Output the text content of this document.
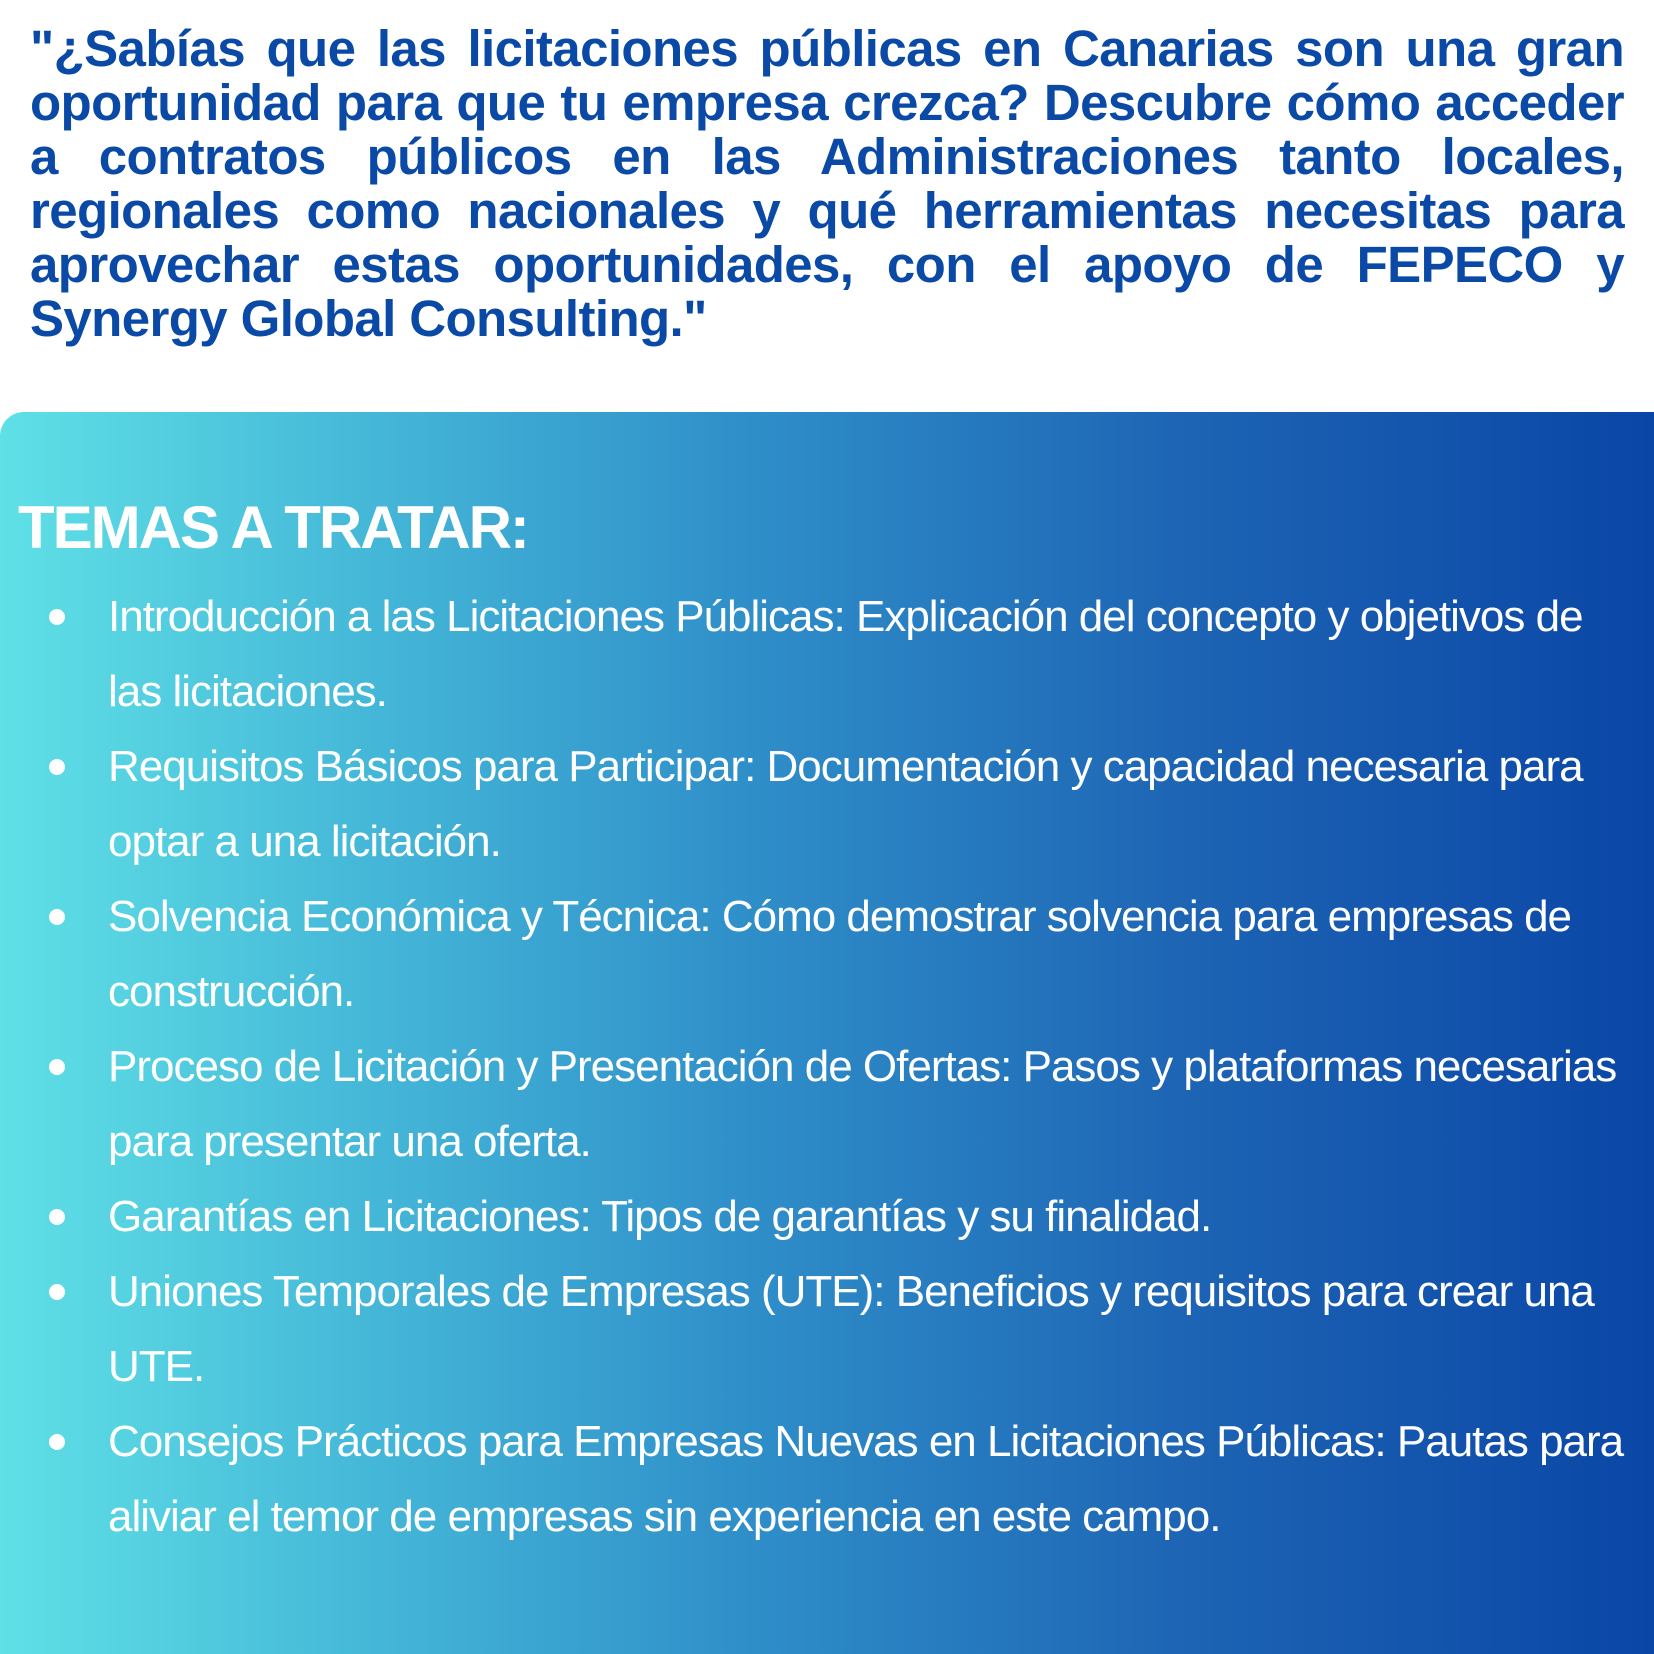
"¿Sabías que las licitaciones públicas en Canarias son una gran oportunidad para que tu empresa crezca? Descubre cómo acceder a contratos públicos en las Administraciones tanto locales, regionales como nacionales y qué herramientas necesitas para aprovechar estas oportunidades, con el apoyo de FEPECO y Synergy Global Consulting."

TEMAS A TRATAR:
Introducción a las Licitaciones Públicas: Explicación del concepto y objetivos de las licitaciones.
Requisitos Básicos para Participar: Documentación y capacidad necesaria para optar a una licitación.
Solvencia Económica y Técnica: Cómo demostrar solvencia para empresas de construcción.
Proceso de Licitación y Presentación de Ofertas: Pasos y plataformas necesarias para presentar una oferta.
Garantías en Licitaciones: Tipos de garantías y su finalidad.
Uniones Temporales de Empresas (UTE): Beneficios y requisitos para crear una UTE.
Consejos Prácticos para Empresas Nuevas en Licitaciones Públicas: Pautas para aliviar el temor de empresas sin experiencia en este campo.
